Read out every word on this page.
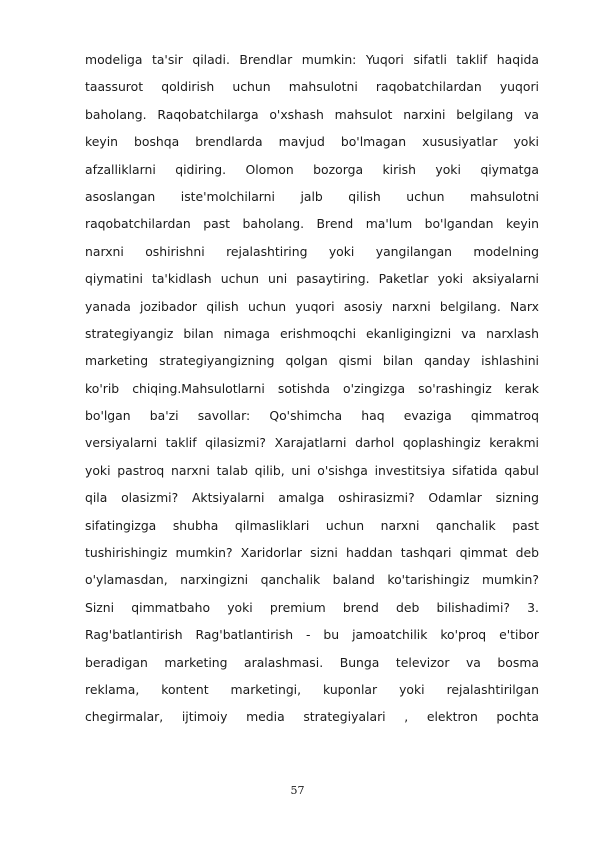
modeliga ta'sir qiladi. Brendlar mumkin: Yuqori sifatli taklif haqida
taassurot qoldirish uchun mahsulotni raqobatchilardan yuqori
baholang. Raqobatchilarga o'xshash mahsulot narxini belgilang va
keyin boshqa brendlarda mavjud bo'lmagan xususiyatlar yoki
afzalliklarni qidiring. Olomon bozorga kirish yoki qiymatga
asoslangan iste'molchilarni jalb qilish uchun mahsulotni
raqobatchilardan past baholang. Brend ma'lum bo'lgandan keyin
narxni oshirishni rejalashtiring yoki yangilangan modelning
qiymatini ta'kidlash uchun uni pasaytiring. Paketlar yoki aksiyalarni
yanada jozibador qilish uchun yuqori asosiy narxni belgilang. Narx
strategiyangiz bilan nimaga erishmoqchi ekanligingizni va narxlash
marketing strategiyangizning qolgan qismi bilan qanday ishlashini
ko'rib chiqing.Mahsulotlarni sotishda o'zingizga so'rashingiz kerak
bo'lgan ba'zi savollar: Qo'shimcha haq evaziga qimmatroq
versiyalarni taklif qilasizmi? Xarajatlarni darhol qoplashingiz kerakmi
yoki pastroq narxni talab qilib, uni o'sishga investitsiya sifatida qabul
qila olasizmi? Aktsiyalarni amalga oshirasizmi? Odamlar sizning
sifatingizga shubha qilmasliklari uchun narxni qanchalik past
tushirishingiz mumkin? Xaridorlar sizni haddan tashqari qimmat deb
o'ylamasdan, narxingizni qanchalik baland ko'tarishingiz mumkin?
Sizni qimmatbaho yoki premium brend deb bilishadimi? 3.
Rag'batlantirish Rag'batlantirish - bu jamoatchilik ko'proq e'tibor
beradigan marketing aralashmasi. Bunga televizor va bosma
reklama, kontent marketingi, kuponlar yoki rejalashtirilgan
chegirmalar, ijtimoiy media strategiyalari , elektron pochta
57
